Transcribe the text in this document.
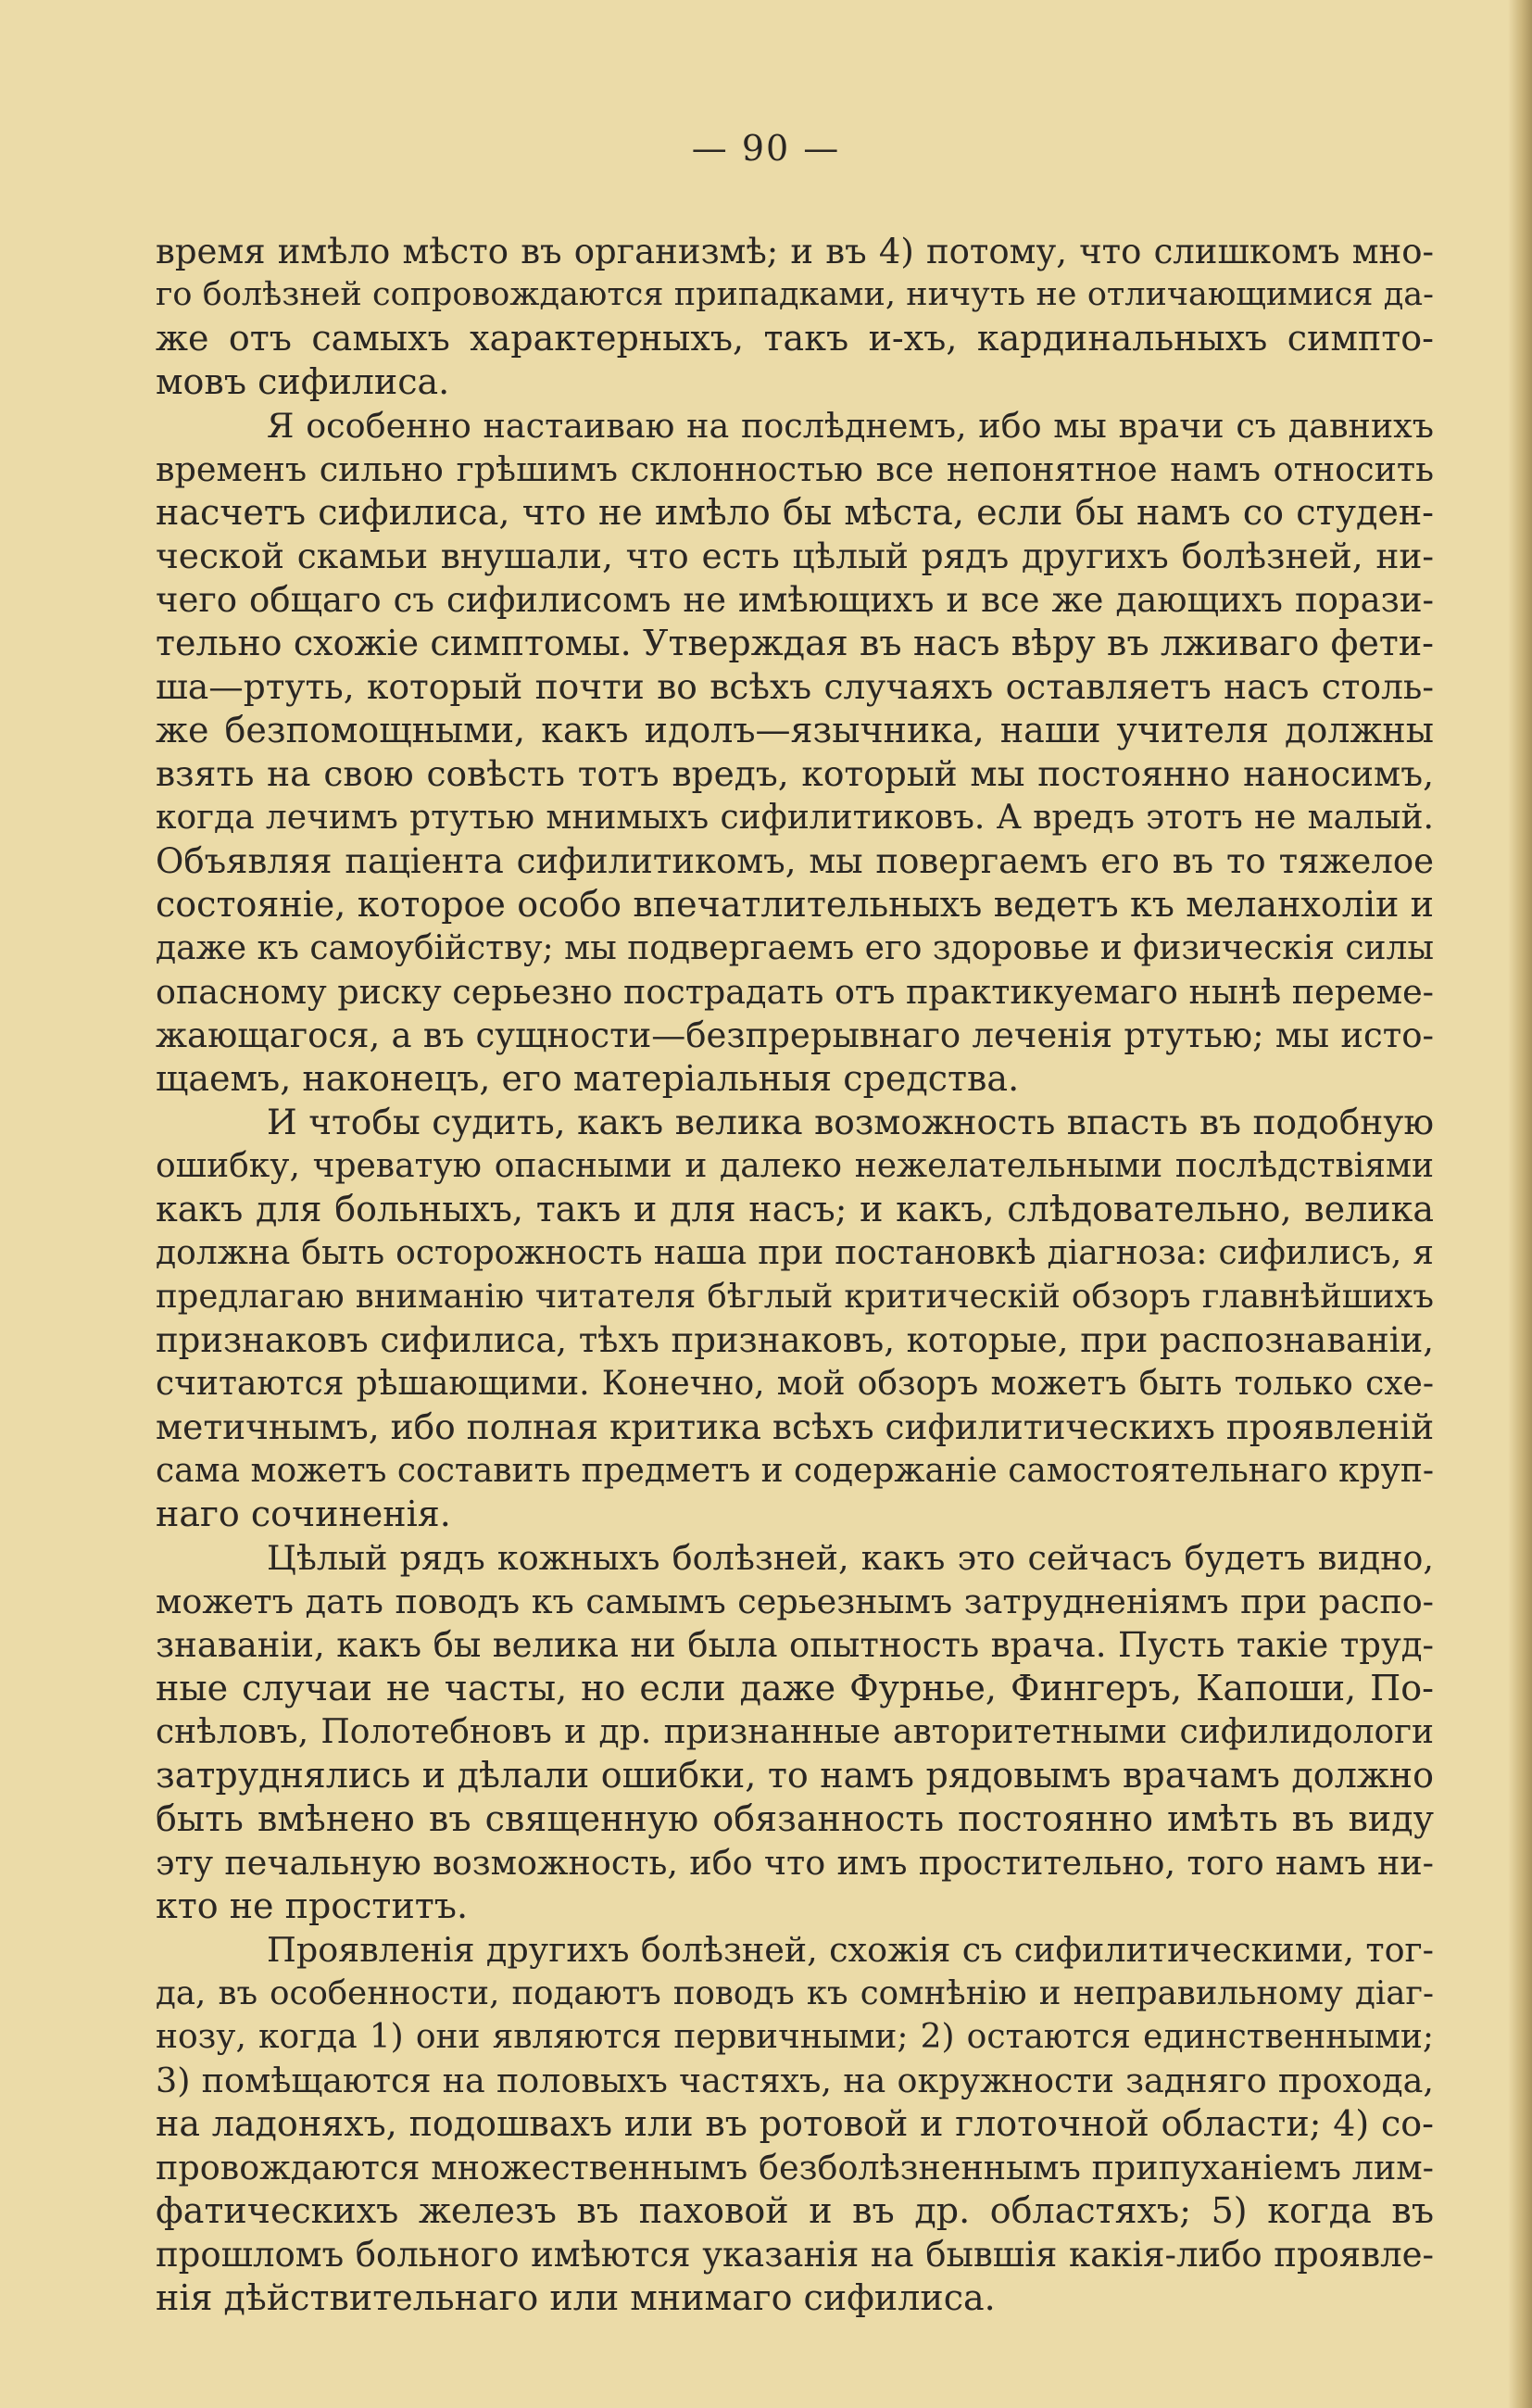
— 90 —
время имѣло мѣсто въ организмѣ; и въ 4) потому, что слишкомъ мно-
го болѣзней сопровождаются припадками, ничуть не отличающимися да-
же отъ самыхъ характерныхъ, такъ и-хъ, кардинальныхъ симпто-
мовъ сифилиса.
Я особенно настаиваю на послѣднемъ, ибо мы врачи съ давнихъ
временъ сильно грѣшимъ склонностью все непонятное намъ относить
насчетъ сифилиса, что не имѣло бы мѣста, если бы намъ со студен-
ческой скамьи внушали, что есть цѣлый рядъ другихъ болѣзней, ни-
чего общаго съ сифилисомъ не имѣющихъ и все же дающихъ порази-
тельно схожіе симптомы. Утверждая въ насъ вѣру въ лживаго фети-
ша—ртуть, который почти во всѣхъ случаяхъ оставляетъ насъ столь-
же безпомощными, какъ идолъ—язычника, наши учителя должны
взять на свою совѣсть тотъ вредъ, который мы постоянно наносимъ,
когда лечимъ ртутью мнимыхъ сифилитиковъ. А вредъ этотъ не малый.
Объявляя паціента сифилитикомъ, мы повергаемъ его въ то тяжелое
состояніе, которое особо впечатлительныхъ ведетъ къ меланхоліи и
даже къ самоубійству; мы подвергаемъ его здоровье и физическія силы
опасному риску серьезно пострадать отъ практикуемаго нынѣ переме-
жающагося, а въ сущности—безпрерывнаго леченія ртутью; мы исто-
щаемъ, наконецъ, его матеріальныя средства.
И чтобы судить, какъ велика возможность впасть въ подобную
ошибку, чреватую опасными и далеко нежелательными послѣдствіями
какъ для больныхъ, такъ и для насъ; и какъ, слѣдовательно, велика
должна быть осторожность наша при постановкѣ діагноза: сифилисъ, я
предлагаю вниманію читателя бѣглый критическій обзоръ главнѣйшихъ
признаковъ сифилиса, тѣхъ признаковъ, которые, при распознаваніи,
считаются рѣшающими. Конечно, мой обзоръ можетъ быть только схе-
метичнымъ, ибо полная критика всѣхъ сифилитическихъ проявленій
сама можетъ составить предметъ и содержаніе самостоятельнаго круп-
наго сочиненія.
Цѣлый рядъ кожныхъ болѣзней, какъ это сейчасъ будетъ видно,
можетъ дать поводъ къ самымъ серьезнымъ затрудненіямъ при распо-
знаваніи, какъ бы велика ни была опытность врача. Пусть такіе труд-
ные случаи не часты, но если даже Фурнье, Фингеръ, Капоши, По-
снѣловъ, Полотебновъ и др. признанные авторитетными сифилидологи
затруднялись и дѣлали ошибки, то намъ рядовымъ врачамъ должно
быть вмѣнено въ священную обязанность постоянно имѣть въ виду
эту печальную возможность, ибо что имъ простительно, того намъ ни-
кто не проститъ.
Проявленія другихъ болѣзней, схожія съ сифилитическими, тог-
да, въ особенности, подаютъ поводъ къ сомнѣнію и неправильному діаг-
нозу, когда 1) они являются первичными; 2) остаются единственными;
3) помѣщаются на половыхъ частяхъ, на окружности задняго прохода,
на ладоняхъ, подошвахъ или въ ротовой и глоточной области; 4) со-
провождаются множественнымъ безболѣзненнымъ припуханіемъ лим-
фатическихъ железъ въ паховой и въ др. областяхъ; 5) когда въ
прошломъ больного имѣются указанія на бывшія какія-либо проявле-
нія дѣйствительнаго или мнимаго сифилиса.
